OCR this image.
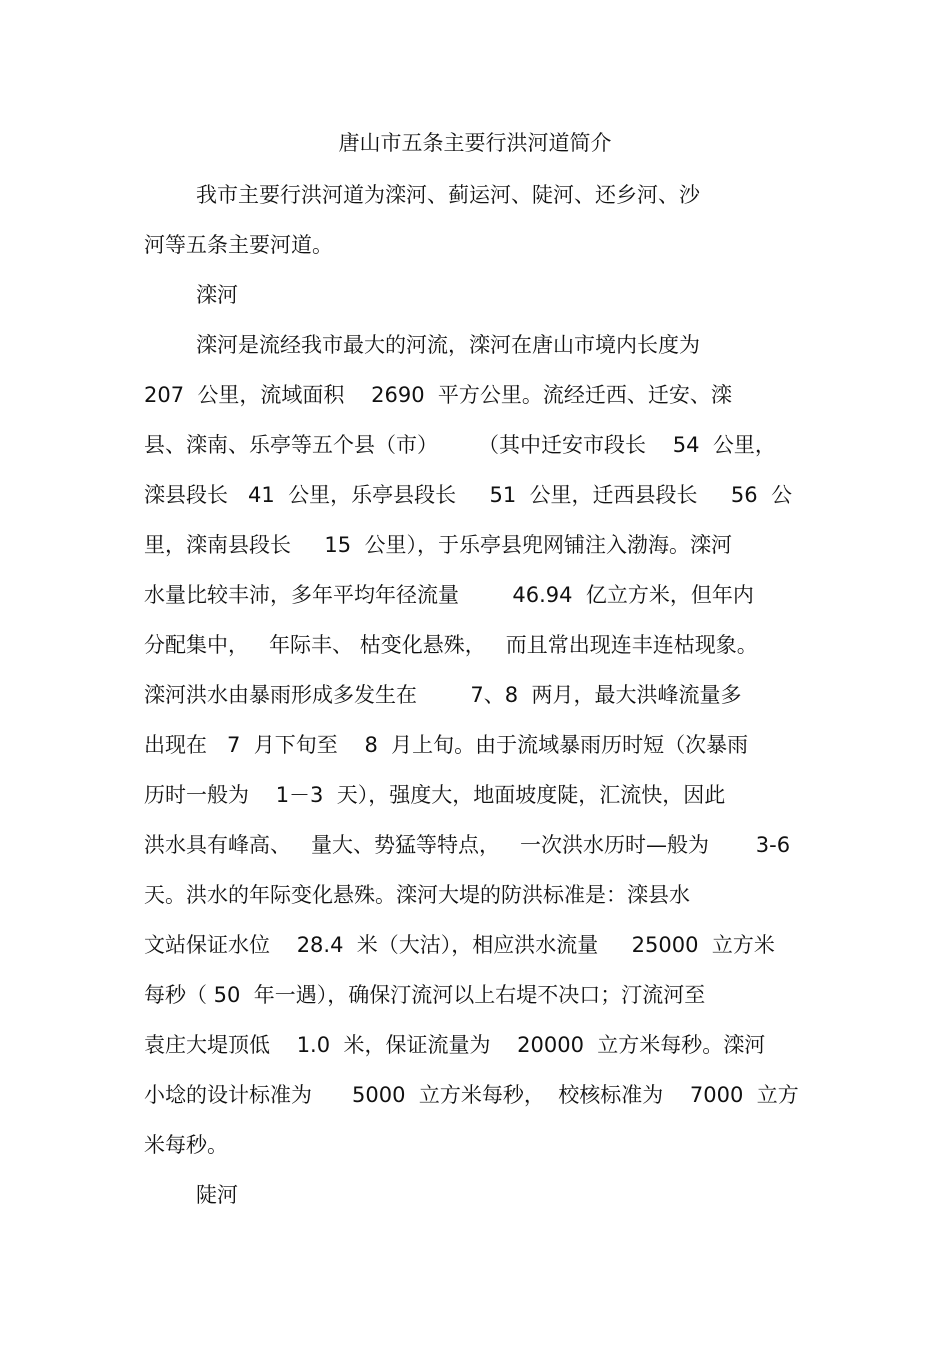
唐山市五条主要行洪河道简介
我市主要行洪河道为滦河、蓟运河、陡河、还乡河、沙
河等五条主要河道。
滦河
滦河是流经我市最大的河流，滦河在唐山市境内长度为
207  公里，流域面积    2690  平方公里。流经迁西、迁安、滦
县、滦南、乐亭等五个县（市）      （其中迁安市段长    54  公里，
滦县段长   41  公里，乐亭县段长     51  公里，迁西县段长     56  公
里，滦南县段长     15  公里），于乐亭县兜网铺注入渤海。滦河
水量比较丰沛，多年平均年径流量        46.94  亿立方米，但年内
分配集中，   年际丰、 枯变化悬殊，   而且常出现连丰连枯现象。
滦河洪水由暴雨形成多发生在        7、8  两月，最大洪峰流量多
出现在   7  月下旬至    8  月上旬。由于流域暴雨历时短（次暴雨
历时一般为    1－3  天），强度大，地面坡度陡，汇流快，因此
洪水具有峰高、   量大、势猛等特点，   一次洪水历时—般为       3-6
天。洪水的年际变化悬殊。滦河大堤的防洪标准是：滦县水
文站保证水位    28.4  米（大沽），相应洪水流量     25000  立方米
每秒（ 50  年一遇），确保汀流河以上右堤不决口；汀流河至
袁庄大堤顶低    1.0  米，保证流量为    20000  立方米每秒。滦河
小埝的设计标准为      5000  立方米每秒，  校核标准为    7000  立方
米每秒。
陡河
